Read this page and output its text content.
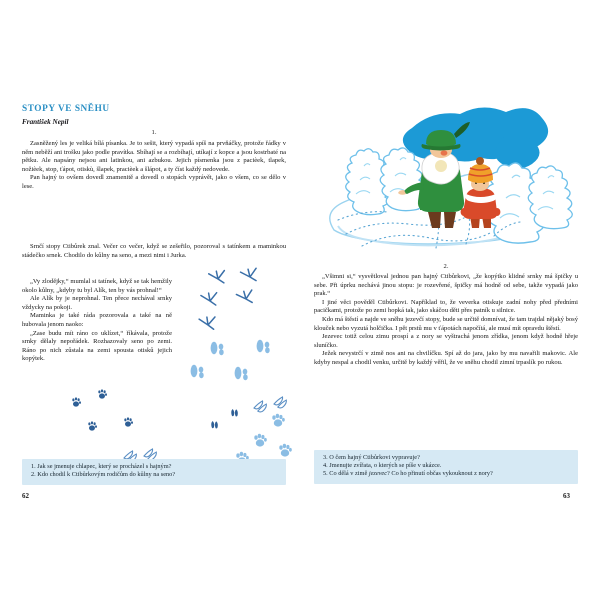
STOPY VE SNĚHU
František Nepil
1.

Zasněžený les je veliká bílá písanka. Je to sešit, který vypadá spíš na prvňáčky, protože řádky v něm neběží ani trošku jako podle pravítka. Sbíhají se a rozbíhají, utíkají z kopce a jsou kostrbaté na pětku. Ale napsány nejsou ani latinkou, ani azbukou. Jejich písmenka jsou z pacièek, tlapek, nožièek, stop, ťápot, otiskù, šlapek, pracièek a šlápot, a ty číst každý nedovede.

Pan hajný to ovšem dovedl znamenitě a dovedl o stopách vyprávět, jako o všem, co se dělo v lese.

Srnčí stopy Ctibůrek znal. Večer co večer, když se zešeřilo, pozoroval s tatínkem a maminkou stádečko srnek. Chodilo do kůlny na seno, a mezi nimi i Jurka.

„Vy zlodějky,“ mumlal si tatínek, když se tak hemžily okolo kůlny, „kdyby tu byl Alík, ten by vás prohnal!“

Ale Alík by je neprohnal. Ten přece nechával srnky vždycky na pokoji.

Maminka je také ráda pozorovala a také na ně hubovala jenom naoko:

„Zase budu mít ráno co uklízet,“ říkávala, protože srnky dělaly nepořádek. Rozhazovaly seno po zemi. Ráno po nich zůstala na zemi spousta otisků jejich kopýtek.

1. Jak se jmenuje chlapec, který se procházel s hajným?
2. Kdo chodil k Ctibůrkovým rodičům do kůlny na seno?
62
2.

„Všimni si,“ vysvětloval jednou pan hajný Ctibůrkovi, „že kopýtko klidné srnky má špičky u sebe. Při úprku nechává jinou stopu: je rozevřené, špičky má hodně od sebe, takže vypadá jako prak.“

I jiné věci pověděl Ctibůrkovi. Například to, že veverka otiskuje zadní nohy před předními pacičkami, protože po zemi hopká tak, jako skáčou děti přes patník u silnice.

Kdo má štěstí a najde ve sněhu jezevčí stopy, bude se určitě domnívat, že tam trajdal nějaký bosý klouček nebo vyzutá holčička. I pět prstů mu v ťápotách napočítá, ale musí mít opravdu štěstí.

Jezevec totiž celou zimu prospí a z nory se vyštrachá jenom zřídka, jenom když hodně hřeje sluníčko.

Ježek nevystrčí v zimě nos ani na chvilíčku. Spí až do jara, jako by mu navařili makovic. Ale kdyby nespal a chodil venku, určitě by každý věřil, že ve sněhu chodil zimní trpaslík po rukou.

3. O čem hajný Ctibůrkovi vypravuje?
4. Jmenujte zvířata, o kterých se píše v ukázce.
5. Co dělá v zimě jezevec? Co ho přinutí občas vykouknout z nory?
63
